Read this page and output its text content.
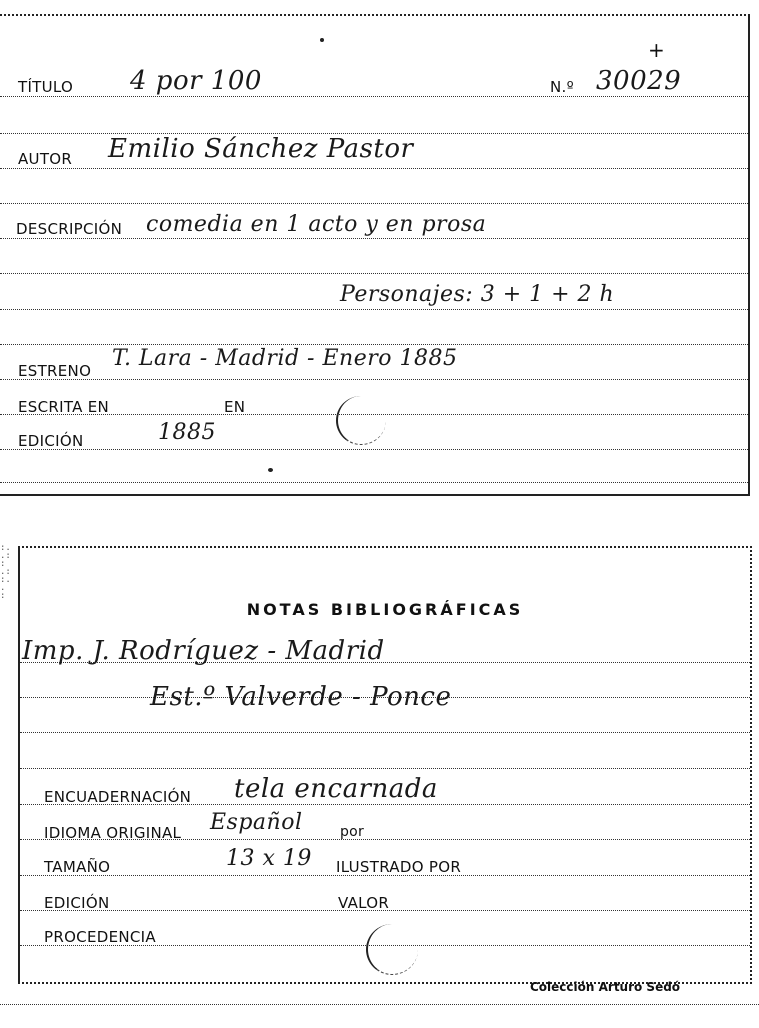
+
TÍTULO 4 por 100	N.º 30029
AUTOR Emilio Sánchez Pastor
DESCRIPCIÓN comedia en 1 acto y en prosa
Personajes: 3 + 1 + 2 h
ESTRENO T. Lara - Madrid - Enero 1885
ESCRITA EN	EN
EDICIÓN	1885
:.
.:
:
.:
:.
.
:
NOTAS BIBLIOGRÁFICAS
Imp. J. Rodríguez - Madrid
Est.º Valverde - Ponce
ENCUADERNACIÓN tela encarnada
IDIOMA ORIGINAL Español	por
TAMAÑO	13 x 19 ILUSTRADO POR
EDICIÓN	VALOR
PROCEDENCIA
Colección Arturo Sedó
